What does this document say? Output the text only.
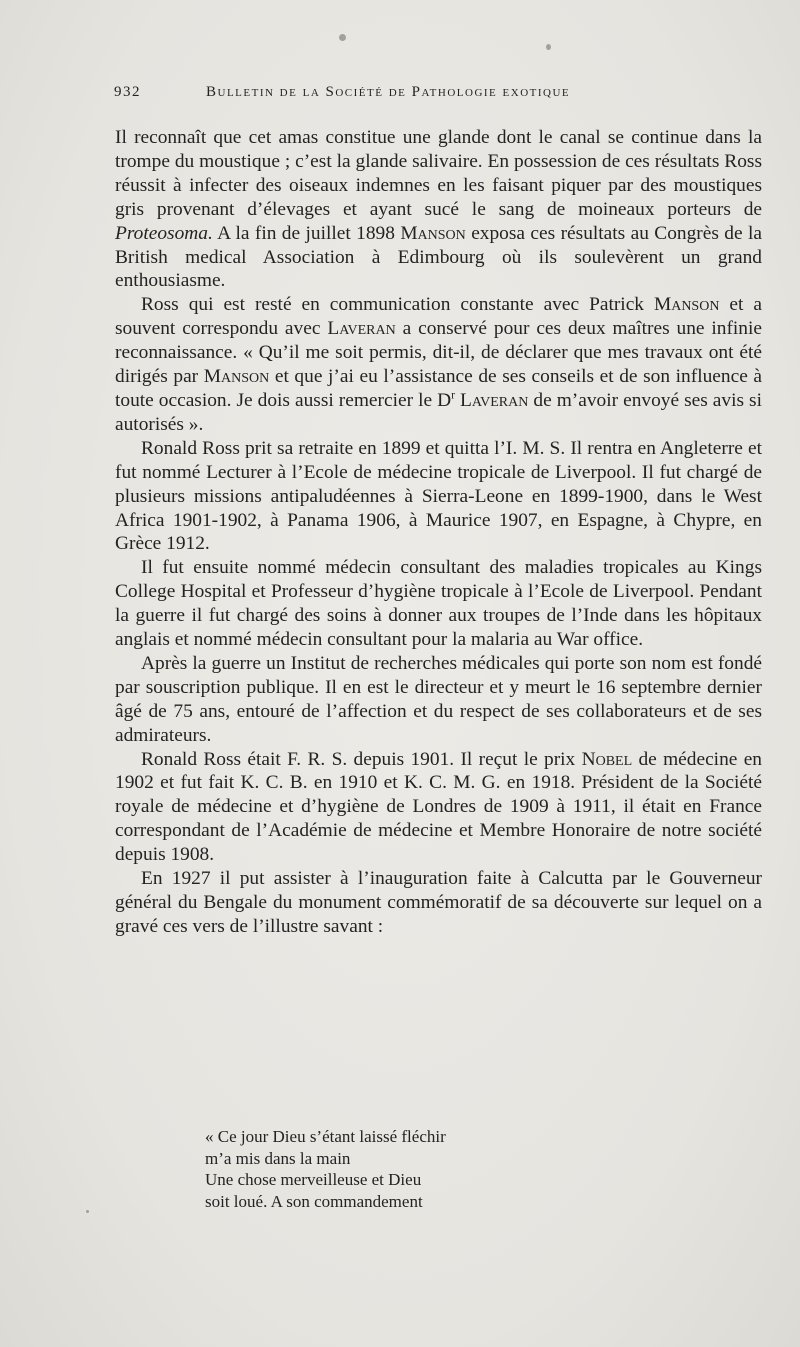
932	Bulletin de la Société de Pathologie exotique

Il reconnaît que cet amas constitue une glande dont le canal se continue dans la trompe du moustique ; c’est la glande salivaire. En possession de ces résultats Ross réussit à infecter des oiseaux indemnes en les faisant piquer par des moustiques gris provenant d’élevages et ayant sucé le sang de moineaux porteurs de Proteosoma. A la fin de juillet 1898 Manson exposa ces résultats au Congrès de la British medical Association à Edimbourg où ils soulevèrent un grand enthousiasme.

Ross qui est resté en communication constante avec Patrick Manson et a souvent correspondu avec Laveran a conservé pour ces deux maîtres une infinie reconnaissance. « Qu’il me soit permis, dit-il, de déclarer que mes travaux ont été dirigés par Manson et que j’ai eu l’assistance de ses conseils et de son influence à toute occasion. Je dois aussi remercier le $D^r$ Laveran de m’avoir envoyé ses avis si autorisés ».

Ronald Ross prit sa retraite en 1899 et quitta l’I. M. S. Il rentra en Angleterre et fut nommé Lecturer à l’Ecole de médecine tropicale de Liverpool. Il fut chargé de plusieurs missions antipaludéennes à Sierra-Leone en 1899-1900, dans le West Africa 1901-1902, à Panama 1906, à Maurice 1907, en Espagne, à Chypre, en Grèce 1912.

Il fut ensuite nommé médecin consultant des maladies tropicales au Kings College Hospital et Professeur d’hygiène tropicale à l’Ecole de Liverpool. Pendant la guerre il fut chargé des soins à donner aux troupes de l’Inde dans les hôpitaux anglais et nommé médecin consultant pour la malaria au War office.

Après la guerre un Institut de recherches médicales qui porte son nom est fondé par souscription publique. Il en est le directeur et y meurt le 16 septembre dernier âgé de 75 ans, entouré de l’affection et du respect de ses collaborateurs et de ses admirateurs.

Ronald Ross était F. R. S. depuis 1901. Il reçut le prix Nobel de médecine en 1902 et fut fait K. C. B. en 1910 et K. C. M. G. en 1918. Président de la Société royale de médecine et d’hygiène de Londres de 1909 à 1911, il était en France correspondant de l’Académie de médecine et Membre Honoraire de notre société depuis 1908.

En 1927 il put assister à l’inauguration faite à Calcutta par le Gouverneur général du Bengale du monument commémoratif de sa découverte sur lequel on a gravé ces vers de l’illustre savant :

« Ce jour Dieu s’étant laissé fléchir
m’a mis dans la main
Une chose merveilleuse et Dieu
soit loué. A son commandement
